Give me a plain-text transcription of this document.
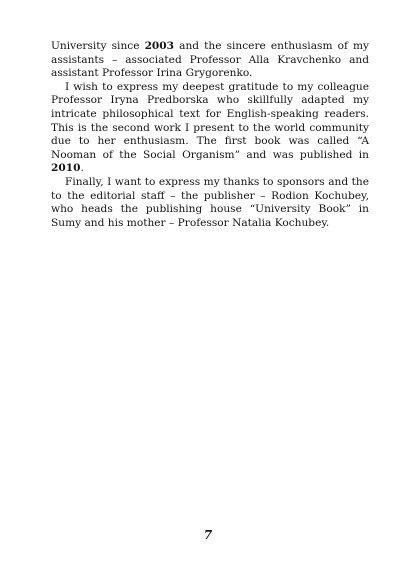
University since 2003 and the sincere enthusiasm of my assistants – associated Professor Alla Kravchenko and assistant Professor Irina Grygorenko.

I wish to express my deepest gratitude to my colleague Professor Iryna Predborska who skillfully adapted my intricate philosophical text for English-speaking readers. This is the second work I present to the world community due to her enthusiasm. The first book was called “A Nooman of the Social Organism” and was published in 2010.

Finally, I want to express my thanks to sponsors and the to the editorial staff – the publisher – Rodion Kochubey, who heads the publishing house “University Book” in Sumy and his mother – Professor Natalia Kochubey.

7
